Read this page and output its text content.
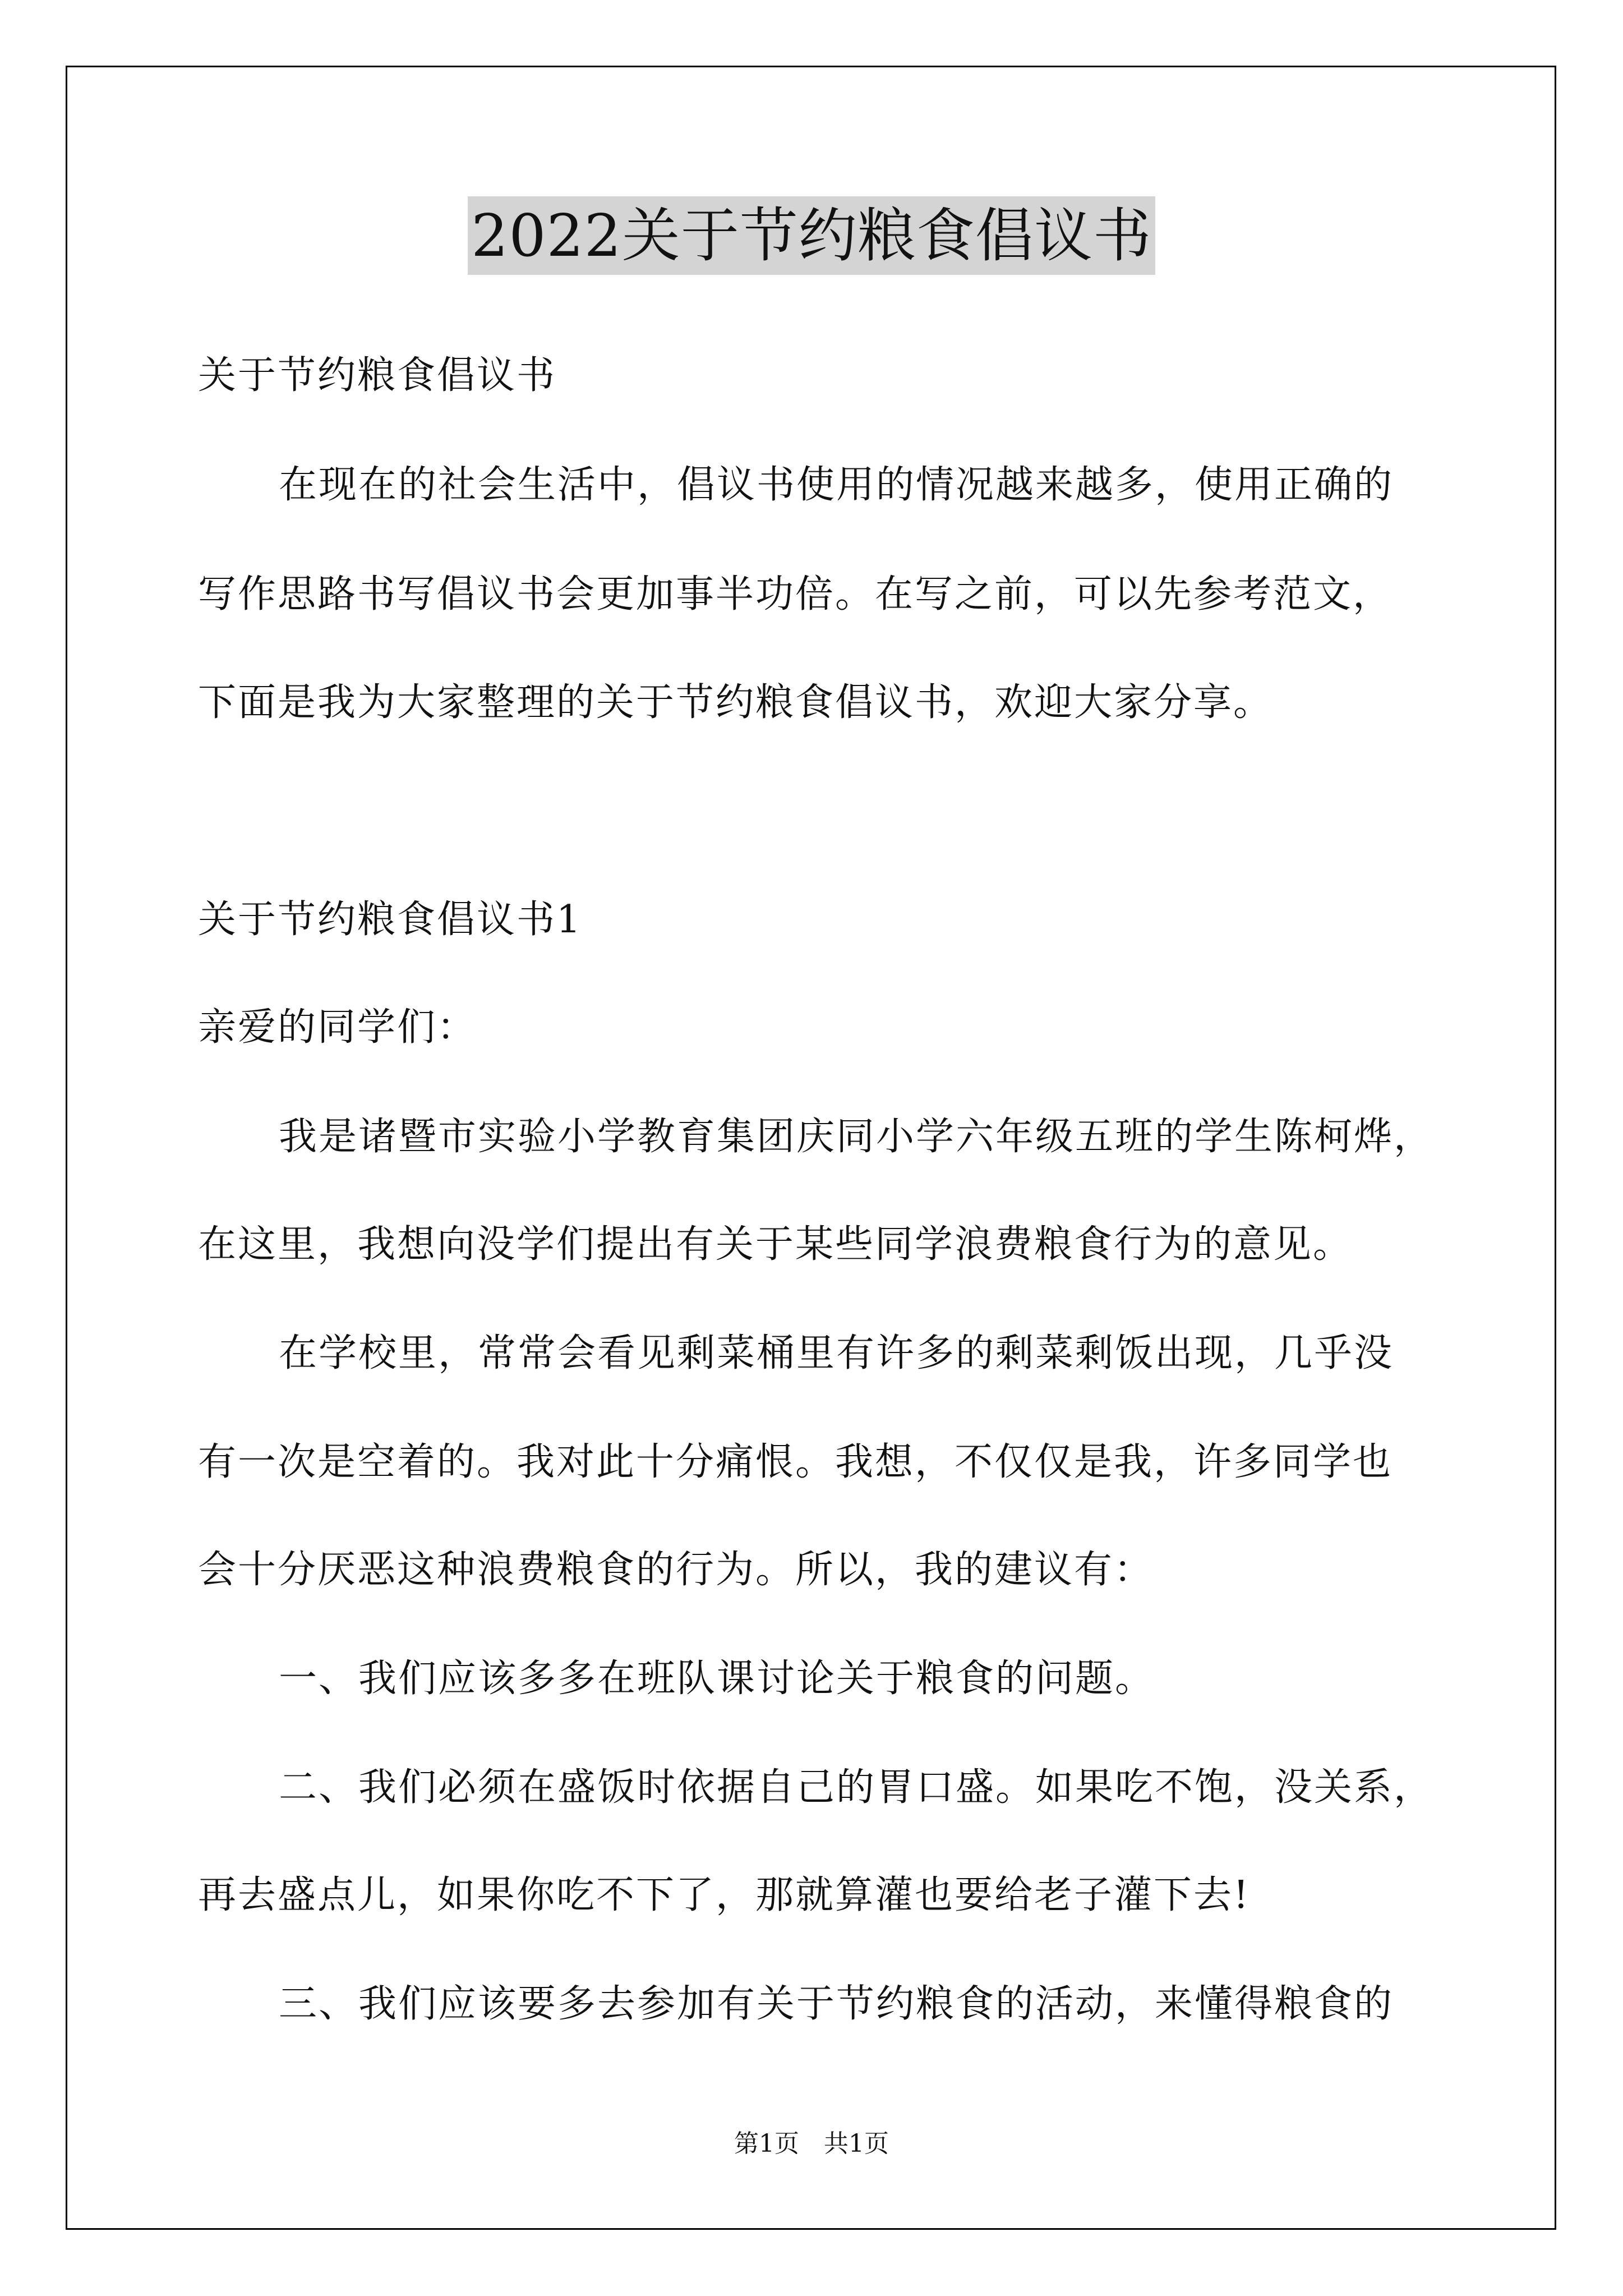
2022关于节约粮食倡议书
关于节约粮食倡议书
在现在的社会生活中，倡议书使用的情况越来越多，使用正确的
写作思路书写倡议书会更加事半功倍。在写之前，可以先参考范文，
下面是我为大家整理的关于节约粮食倡议书，欢迎大家分享。
关于节约粮食倡议书1
亲爱的同学们：
我是诸暨市实验小学教育集团庆同小学六年级五班的学生陈柯烨，
在这里，我想向没学们提出有关于某些同学浪费粮食行为的意见。
在学校里，常常会看见剩菜桶里有许多的剩菜剩饭出现，几乎没
有一次是空着的。我对此十分痛恨。我想，不仅仅是我，许多同学也
会十分厌恶这种浪费粮食的行为。所以，我的建议有：
一、我们应该多多在班队课讨论关于粮食的问题。
二、我们必须在盛饭时依据自己的胃口盛。如果吃不饱，没关系，
再去盛点儿，如果你吃不下了，那就算灌也要给老子灌下去!
三、我们应该要多去参加有关于节约粮食的活动，来懂得粮食的
第1页　共1页
